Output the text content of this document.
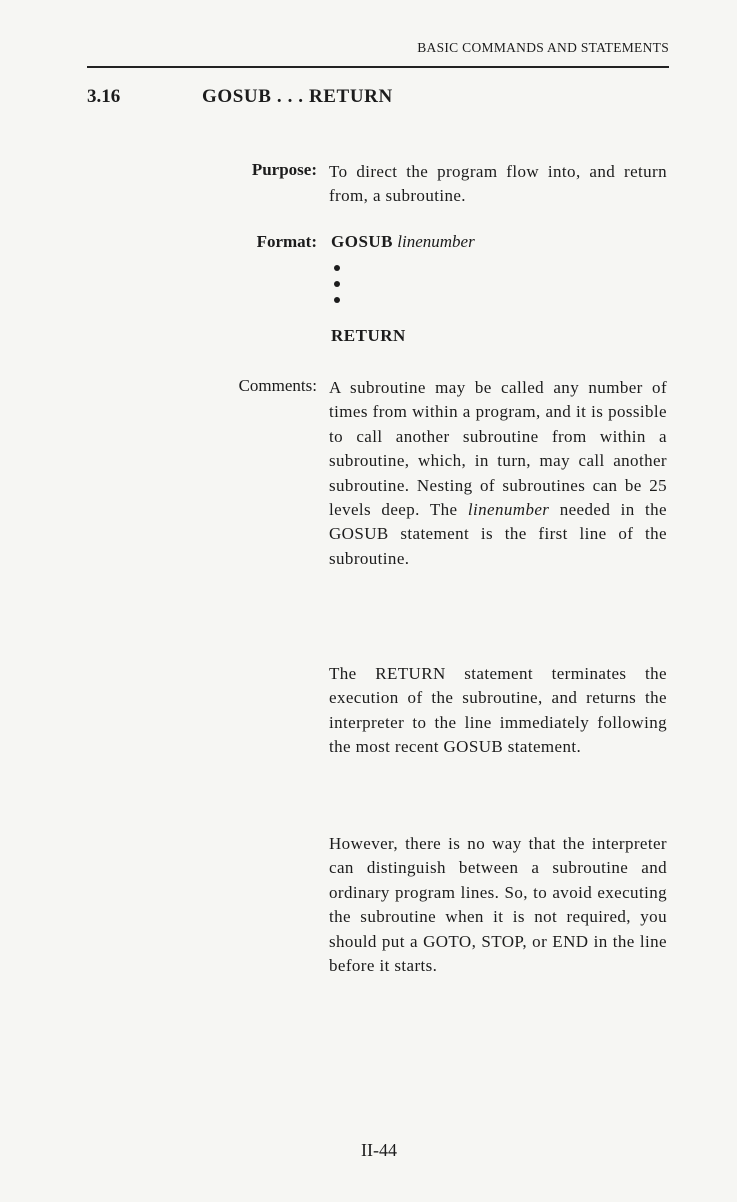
BASIC COMMANDS AND STATEMENTS
3.16	GOSUB . . . RETURN
Purpose: To direct the program flow into, and return from, a subroutine.
Format: GOSUB linenumber
RETURN
Comments: A subroutine may be called any number of times from within a program, and it is possible to call another subroutine from within a subroutine, which, in turn, may call another subroutine. Nesting of subroutines can be 25 levels deep. The linenumber needed in the GOSUB statement is the first line of the subroutine.
The RETURN statement terminates the execution of the subroutine, and returns the interpreter to the line immediately following the most recent GOSUB statement.
However, there is no way that the interpreter can distinguish between a subroutine and ordinary program lines. So, to avoid executing the subroutine when it is not required, you should put a GOTO, STOP, or END in the line before it starts.
II-44
